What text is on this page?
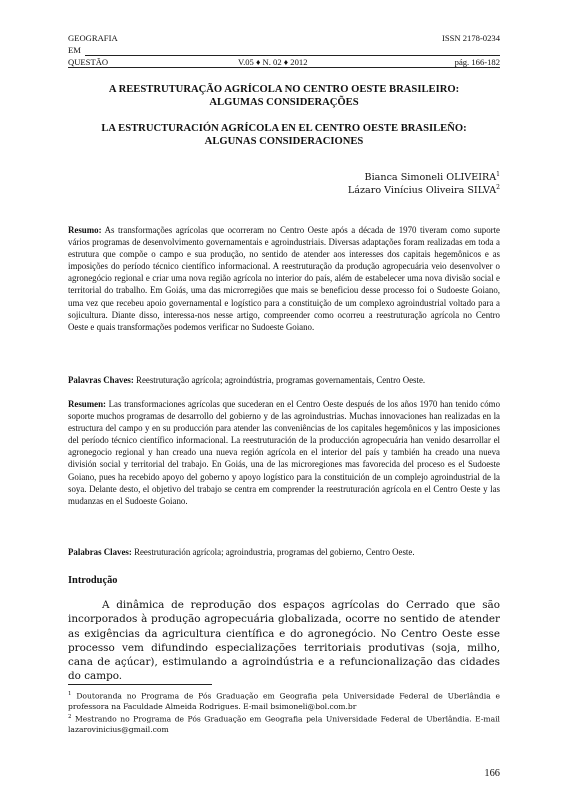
GEOGRAFIA	ISSN 2178-0234
EM
QUESTÃO	V.05 ♦ N. 02 ♦ 2012	pág. 166-182
A REESTRUTURAÇÃO AGRÍCOLA NO CENTRO OESTE BRASILEIRO:
ALGUMAS CONSIDERAÇÕES
LA ESTRUCTURACIÓN AGRÍCOLA EN EL CENTRO OESTE BRASILEÑO:
ALGUNAS CONSIDERACIONES
Bianca Simoneli OLIVEIRA$^1$
Lázaro Vinícius Oliveira SILVA$^2$
Resumo: As transformações agrícolas que ocorreram no Centro Oeste após a década de 1970 tiveram como suporte vários programas de desenvolvimento governamentais e agroindustriais. Diversas adaptações foram realizadas em toda a estrutura que compõe o campo e sua produção, no sentido de atender aos interesses dos capitais hegemônicos e as imposições do período técnico científico informacional. A reestruturação da produção agropecuária veio desenvolver o agronegócio regional e criar uma nova região agrícola no interior do país, além de estabelecer uma nova divisão social e territorial do trabalho. Em Goiás, uma das microrregiões que mais se beneficiou desse processo foi o Sudoeste Goiano, uma vez que recebeu apoio governamental e logístico para a constituição de um complexo agroindustrial voltado para a sojicultura. Diante disso, interessa-nos nesse artigo, compreender como ocorreu a reestruturação agrícola no Centro Oeste e quais transformações podemos verificar no Sudoeste Goiano.
Palavras Chaves: Reestruturação agrícola; agroindústria, programas governamentais, Centro Oeste.
Resumen: Las transformaciones agrícolas que sucederan en el Centro Oeste después de los años 1970 han tenido cómo soporte muchos programas de desarrollo del gobierno y de las agroindustrias. Muchas innovaciones han realizadas en la estructura del campo y en su producción para atender las conveniências de los capitales hegemônicos y las imposiciones del período técnico científico informacional. La reestruturación de la producción agropecuária han venido desarrollar el agronegocio regional y han creado una nueva región agrícola en el interior del país y también ha creado una nueva división social y territorial del trabajo. En Goiás, una de las microregiones mas favorecida del proceso es el Sudoeste Goiano, pues ha recebido apoyo del goberno y apoyo logístico para la constituición de un complejo agroindustrial de la soya. Delante desto, el objetivo del trabajo se centra em comprender la reestruturación agrícola en el Centro Oeste y las mudanzas en el Sudoeste Goiano.
Palabras Claves: Reestruturación agrícola; agroindustria, programas del gobierno, Centro Oeste.
Introdução
A dinâmica de reprodução dos espaços agrícolas do Cerrado que são incorporados à produção agropecuária globalizada, ocorre no sentido de atender as exigências da agricultura científica e do agronegócio. No Centro Oeste esse processo vem difundindo especializações territoriais produtivas (soja, milho, cana de açúcar), estimulando a agroindústria e a refuncionalização das cidades do campo.
$^1$ Doutoranda no Programa de Pós Graduação em Geografia pela Universidade Federal de Uberlândia e professora na Faculdade Almeida Rodrigues. E-mail bsimoneli@bol.com.br
$^2$ Mestrando no Programa de Pós Graduação em Geografia pela Universidade Federal de Uberlândia. E-mail lazarovinicius@gmail.com
166
